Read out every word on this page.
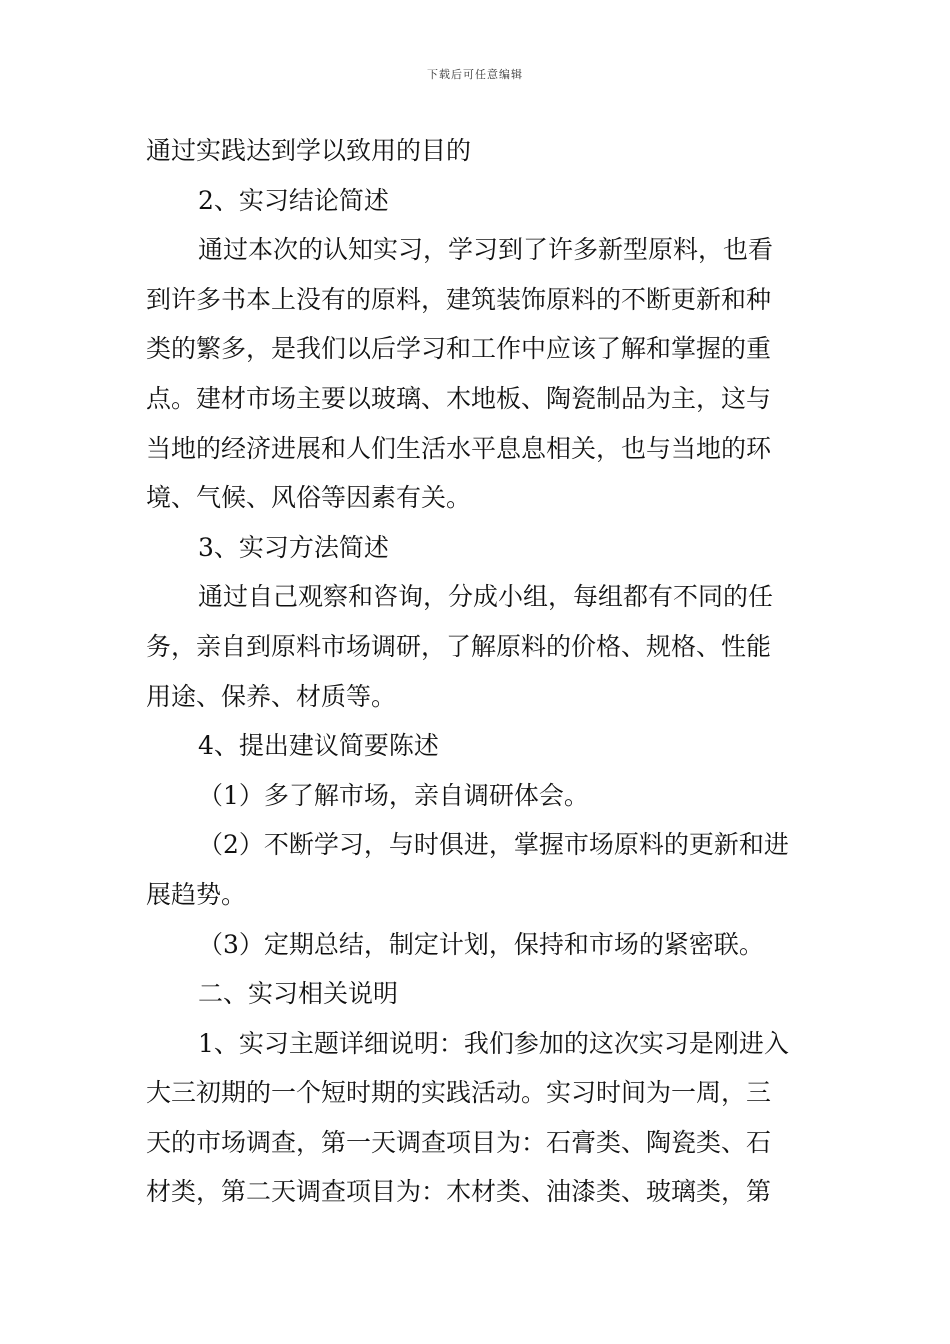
下载后可任意编辑
通过实践达到学以致用的目的
2、实习结论简述
通过本次的认知实习，学习到了许多新型原料，也看
到许多书本上没有的原料，建筑装饰原料的不断更新和种
类的繁多，是我们以后学习和工作中应该了解和掌握的重
点。建材市场主要以玻璃、木地板、陶瓷制品为主，这与
当地的经济进展和人们生活水平息息相关，也与当地的环
境、气候、风俗等因素有关。
3、实习方法简述
通过自己观察和咨询，分成小组，每组都有不同的任
务，亲自到原料市场调研，了解原料的价格、规格、性能
用途、保养、材质等。
4、提出建议简要陈述
（1）多了解市场，亲自调研体会。
（2）不断学习，与时俱进，掌握市场原料的更新和进
展趋势。
（3）定期总结，制定计划，保持和市场的紧密联。
二、实习相关说明
1、实习主题详细说明：我们参加的这次实习是刚进入
大三初期的一个短时期的实践活动。实习时间为一周，三
天的市场调查，第一天调查项目为：石膏类、陶瓷类、石
材类，第二天调查项目为：木材类、油漆类、玻璃类，第
